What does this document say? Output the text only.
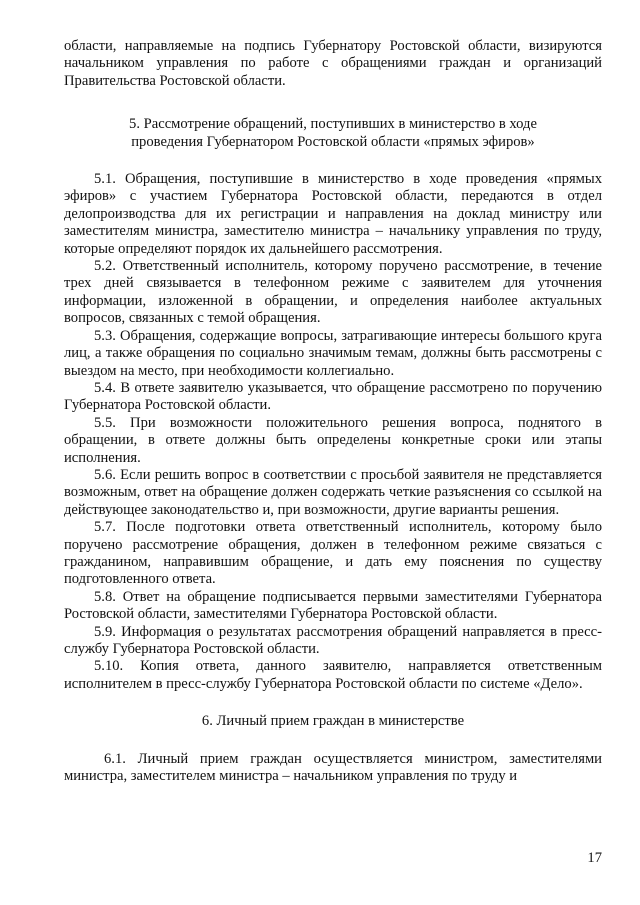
области, направляемые на подпись Губернатору Ростовской области, визируются начальником управления по работе с обращениями граждан и организаций Правительства Ростовской области.

5. Рассмотрение обращений, поступивших в министерство в ходе
проведения Губернатором Ростовской области «прямых эфиров»

5.1. Обращения, поступившие в министерство в ходе проведения «прямых эфиров» с участием Губернатора Ростовской области, передаются в отдел делопроизводства для их регистрации и направления на доклад министру или заместителям министра, заместителю министра – начальнику управления по труду, которые определяют порядок их дальнейшего рассмотрения.

5.2. Ответственный исполнитель, которому поручено рассмотрение, в течение трех дней связывается в телефонном режиме с заявителем для уточнения информации, изложенной в обращении, и определения наиболее актуальных вопросов, связанных с темой обращения.

5.3. Обращения, содержащие вопросы, затрагивающие интересы большого круга лиц, а также обращения по социально значимым темам, должны быть рассмотрены с выездом на место, при необходимости коллегиально.

5.4. В ответе заявителю указывается, что обращение рассмотрено по поручению Губернатора Ростовской области.

5.5. При возможности положительного решения вопроса, поднятого в обращении, в ответе должны быть определены конкретные сроки или этапы исполнения.

5.6. Если решить вопрос в соответствии с просьбой заявителя не представляется возможным, ответ на обращение должен содержать четкие разъяснения со ссылкой на действующее законодательство и, при возможности, другие варианты решения.

5.7. После подготовки ответа ответственный исполнитель, которому было поручено рассмотрение обращения, должен в телефонном режиме связаться с гражданином, направившим обращение, и дать ему пояснения по существу подготовленного ответа.

5.8. Ответ на обращение подписывается первыми заместителями Губернатора Ростовской области, заместителями Губернатора Ростовской области.

5.9. Информация о результатах рассмотрения обращений направляется в пресс-службу Губернатора Ростовской области.

5.10. Копия ответа, данного заявителю, направляется ответственным исполнителем в пресс-службу Губернатора Ростовской области по системе «Дело».

6. Личный прием граждан в министерстве

6.1. Личный прием граждан осуществляется министром, заместителями министра, заместителем министра – начальником управления по труду и

17
